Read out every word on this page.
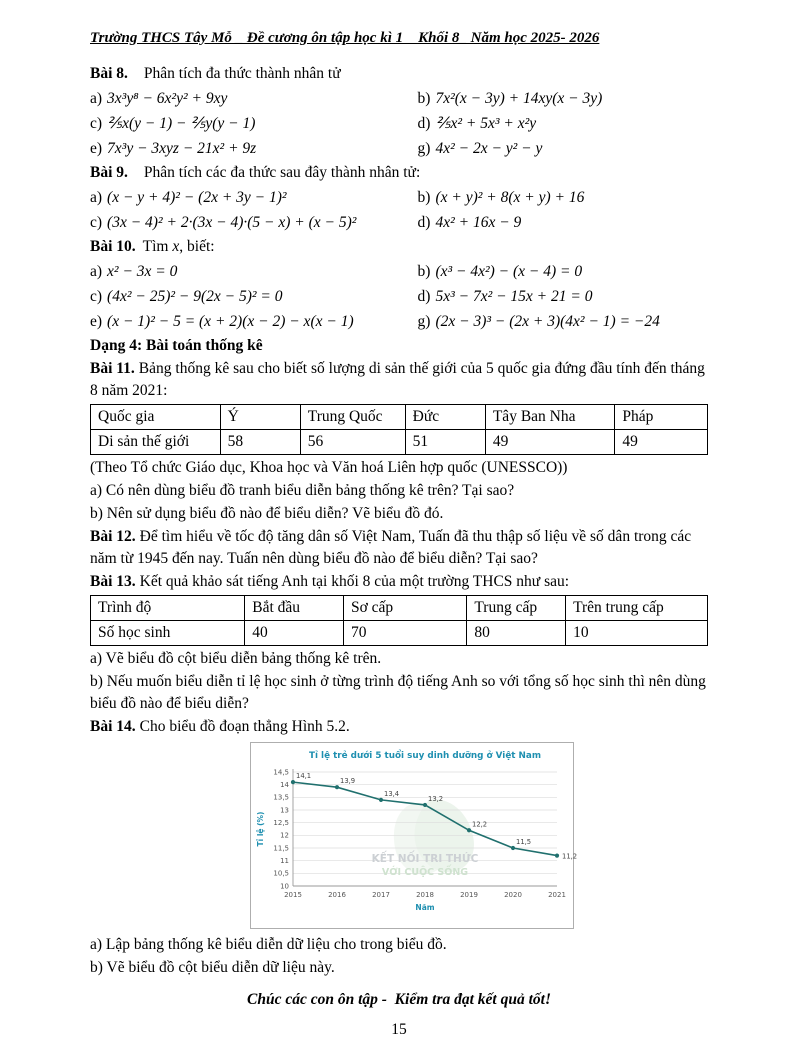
Trường THCS Tây Mỗ _ Đề cương ôn tập học kì 1    Khối 8_ Năm học 2025- 2026
Bài 8. Phân tích đa thức thành nhân tử
a) 3x³y⁸ − 6x²y² + 9xy	b) 7x²(x − 3y) + 14xy(x − 3y)
c) ⅖x(y − 1) − ⅖y(y − 1)	d) ⅖x² + 5x³ + x²y
e) 7x³y − 3xyz − 21x² + 9z	g) 4x² − 2x − y² − y
Bài 9. Phân tích các đa thức sau đây thành nhân tử:
a) (x − y + 4)² − (2x + 3y − 1)²	b) (x + y)² + 8(x + y) + 16
c) (3x − 4)² + 2·(3x − 4)·(5 − x) + (x − 5)²	d) 4x² + 16x − 9
Bài 10. Tìm x, biết:
a) x² − 3x = 0	b) (x³ − 4x²) − (x − 4) = 0
c) (4x² − 25)² − 9(2x − 5)² = 0	d) 5x³ − 7x² − 15x + 21 = 0
e) (x − 1)² − 5 = (x + 2)(x − 2) − x(x − 1)	g) (2x − 3)³ − (2x + 3)(4x² − 1) = −24
Dạng 4: Bài toán thống kê
Bài 11. Bảng thống kê sau cho biết số lượng di sản thế giới của 5 quốc gia đứng đầu tính đến tháng 8 năm 2021:
Quốc gia	Ý	Trung Quốc	Đức	Tây Ban Nha	Pháp
Di sản thế giới	58	56	51	49	49
(Theo Tổ chức Giáo dục, Khoa học và Văn hoá Liên hợp quốc (UNESSCO))
a) Có nên dùng biểu đồ tranh biểu diễn bảng thống kê trên? Tại sao?
b) Nên sử dụng biểu đồ nào để biểu diễn? Vẽ biểu đồ đó.
Bài 12. Để tìm hiểu về tốc độ tăng dân số Việt Nam, Tuấn đã thu thập số liệu về số dân trong các năm từ 1945 đến nay. Tuấn nên dùng biểu đồ nào để biểu diễn? Tại sao?
Bài 13. Kết quả khảo sát tiếng Anh tại khối 8 của một trường THCS như sau:
Trình độ	Bắt đầu	Sơ cấp	Trung cấp	Trên trung cấp
Số học sinh	40	70	80	10
a) Vẽ biểu đồ cột biểu diễn bảng thống kê trên.
b) Nếu muốn biểu diễn tỉ lệ học sinh ở từng trình độ tiếng Anh so với tổng số học sinh thì nên dùng biểu đồ nào để biểu diễn?
Bài 14. Cho biểu đồ đoạn thẳng Hình 5.2.
10
10,5
11
11,5
12
12,5
13
13,5
14
14,5
2015	2016	2017	2018	2019	2020	2021
KẾT NỐI TRI THỨC
VỚI CUỘC SỐNG
14,1
13,9
13,4
13,2
12,2
11,5
11,2
Tỉ lệ trẻ dưới 5 tuổi suy dinh dưỡng ở Việt Nam
Tỉ lệ (%)
Năm
a) Lập bảng thống kê biểu diễn dữ liệu cho trong biểu đồ.
b) Vẽ biểu đồ cột biểu diễn dữ liệu này.
Chúc các con ôn tập -  Kiểm tra đạt kết quả tốt!
15
